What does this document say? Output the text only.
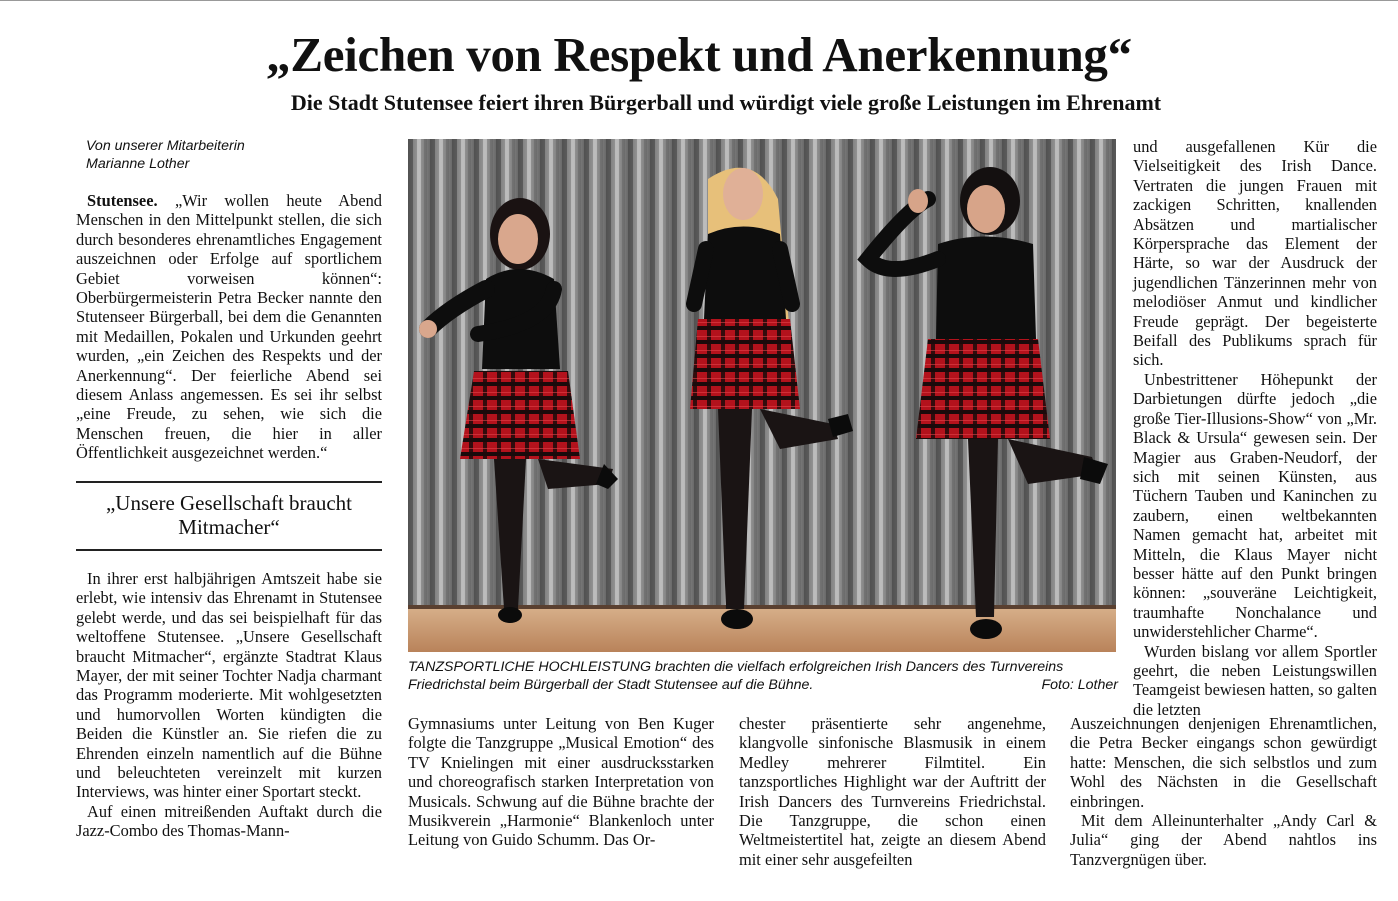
„Zeichen von Respekt und Anerkennung“
Die Stadt Stutensee feiert ihren Bürgerball und würdigt viele große Leistungen im Ehrenamt
Von unserer Mitarbeiterin
Marianne Lother

Stutensee. „Wir wollen heute Abend Menschen in den Mittelpunkt stellen, die sich durch besonderes ehrenamtliches Engagement auszeichnen oder Erfolge auf sportlichem Gebiet vorweisen können“: Oberbürgermeisterin Petra Becker nannte den Stutenseer Bürgerball, bei dem die Genannten mit Medaillen, Pokalen und Urkunden geehrt wurden, „ein Zeichen des Respekts und der Anerkennung“. Der feierliche Abend sei diesem Anlass angemessen. Es sei ihr selbst „eine Freude, zu sehen, wie sich die Menschen freuen, die hier in aller Öffentlichkeit ausgezeichnet werden.“

„Unsere Gesellschaft braucht Mitmacher“

In ihrer erst halbjährigen Amtszeit habe sie erlebt, wie intensiv das Ehrenamt in Stutensee gelebt werde, und das sei beispielhaft für das weltoffene Stutensee. „Unsere Gesellschaft braucht Mitmacher“, ergänzte Stadtrat Klaus Mayer, der mit seiner Tochter Nadja charmant das Programm moderierte. Mit wohlgesetzten und humorvollen Worten kündigten die Beiden die Künstler an. Sie riefen die zu Ehrenden einzeln namentlich auf die Bühne und beleuchteten vereinzelt mit kurzen Interviews, was hinter einer Sportart steckt.

Auf einen mitreißenden Auftakt durch die Jazz-Combo des Thomas-Mann-

TANZSPORTLICHE HOCHLEISTUNG brachten die vielfach erfolgreichen Irish Dancers des Turnvereins Friedrichstal beim Bürgerball der Stadt Stutensee auf die Bühne.	Foto: Lother

Gymnasiums unter Leitung von Ben Kuger folgte die Tanzgruppe „Musical Emotion“ des TV Knielingen mit einer ausdrucksstarken und choreografisch starken Interpretation von Musicals. Schwung auf die Bühne brachte der Musikverein „Harmonie“ Blankenloch unter Leitung von Guido Schumm. Das Or-

chester präsentierte sehr angenehme, klangvolle sinfonische Blasmusik in einem Medley mehrerer Filmtitel. Ein tanzsportliches Highlight war der Auftritt der Irish Dancers des Turnvereins Friedrichstal. Die Tanzgruppe, die schon einen Weltmeistertitel hat, zeigte an diesem Abend mit einer sehr ausgefeilten

und ausgefallenen Kür die Vielseitigkeit des Irish Dance. Vertraten die jungen Frauen mit zackigen Schritten, knallenden Absätzen und martialischer Körpersprache das Element der Härte, so war der Ausdruck der jugendlichen Tänzerinnen mehr von melodiöser Anmut und kindlicher Freude geprägt. Der begeisterte Beifall des Publikums sprach für sich.

Unbestrittener Höhepunkt der Darbietungen dürfte jedoch „die große Tier-Illusions-Show“ von „Mr. Black & Ursula“ gewesen sein. Der Magier aus Graben-Neudorf, der sich mit seinen Künsten, aus Tüchern Tauben und Kaninchen zu zaubern, einen weltbekannten Namen gemacht hat, arbeitet mit Mitteln, die Klaus Mayer nicht besser hätte auf den Punkt bringen können: „souveräne Leichtigkeit, traumhafte Nonchalance und unwiderstehlicher Charme“.

Wurden bislang vor allem Sportler geehrt, die neben Leistungswillen Teamgeist bewiesen hatten, so galten die letzten

Auszeichnungen denjenigen Ehrenamtlichen, die Petra Becker eingangs schon gewürdigt hatte: Menschen, die sich selbstlos und zum Wohl des Nächsten in die Gesellschaft einbringen.

Mit dem Alleinunterhalter „Andy Carl & Julia“ ging der Abend nahtlos ins Tanzvergnügen über.
